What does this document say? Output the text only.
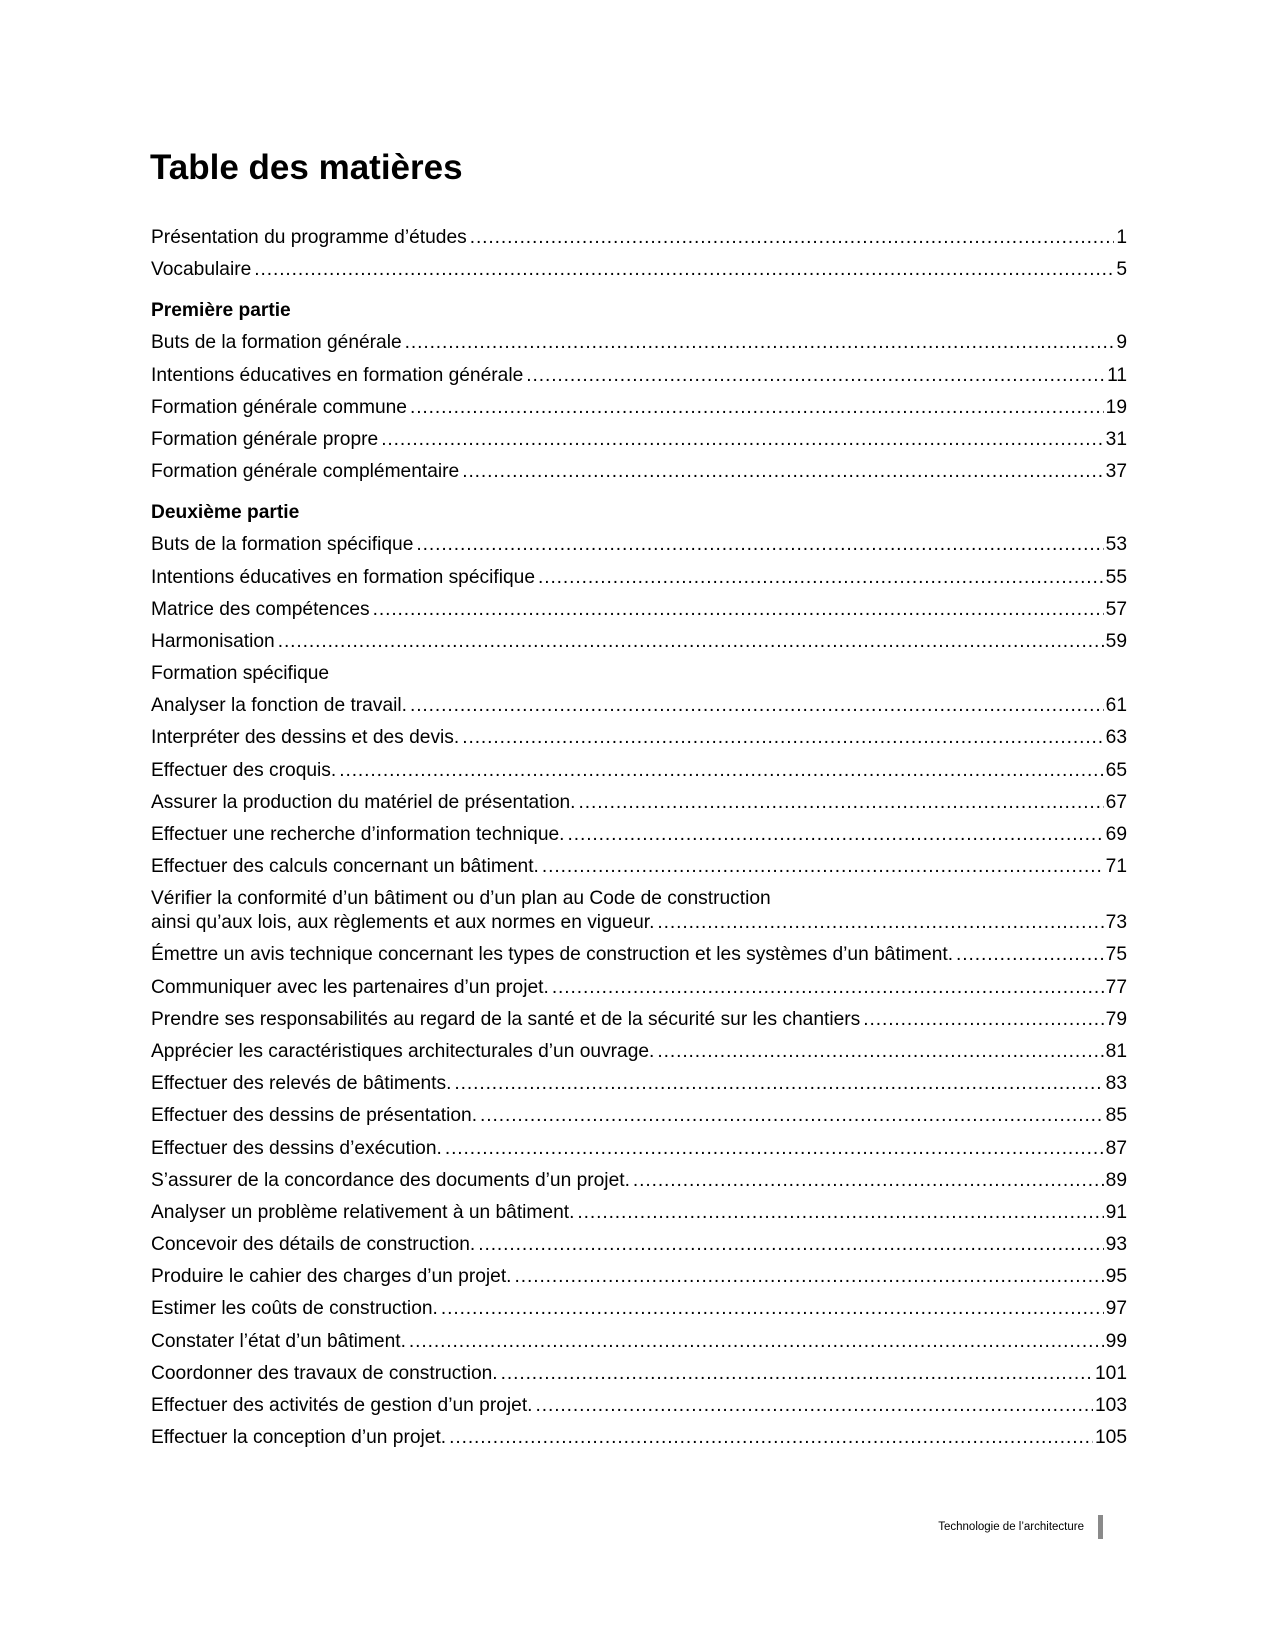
Table des matières
Présentation du programme d’études .....	1
Vocabulaire .....	5
Première partie
Buts de la formation générale .....	9
Intentions éducatives en formation générale .....	11
Formation générale commune .....	19
Formation générale propre .....	31
Formation générale complémentaire .....	37
Deuxième partie
Buts de la formation spécifique .....	53
Intentions éducatives en formation spécifique .....	55
Matrice des compétences .....	57
Harmonisation .....	59
Formation spécifique
Analyser la fonction de travail. .....	61
Interpréter des dessins et des devis. .....	63
Effectuer des croquis. .....	65
Assurer la production du matériel de présentation. .....	67
Effectuer une recherche d’information technique. .....	69
Effectuer des calculs concernant un bâtiment. .....	71
Vérifier la conformité d’un bâtiment ou d’un plan au Code de construction
ainsi qu’aux lois, aux règlements et aux normes en vigueur. .....	73
Émettre un avis technique concernant les types de construction et les systèmes d’un bâtiment. .....	75
Communiquer avec les partenaires d’un projet. .....	77
Prendre ses responsabilités au regard de la santé et de la sécurité sur les chantiers .....	79
Apprécier les caractéristiques architecturales d’un ouvrage. .....	81
Effectuer des relevés de bâtiments. .....	83
Effectuer des dessins de présentation. .....	85
Effectuer des dessins d’exécution. .....	87
S’assurer de la concordance des documents d’un projet. .....	89
Analyser un problème relativement à un bâtiment. .....	91
Concevoir des détails de construction. .....	93
Produire le cahier des charges d’un projet. .....	95
Estimer les coûts de construction. .....	97
Constater l’état d’un bâtiment. .....	99
Coordonner des travaux de construction. .....	101
Effectuer des activités de gestion d’un projet. .....	103
Effectuer la conception d’un projet. .....	105
Technologie de l’architecture
